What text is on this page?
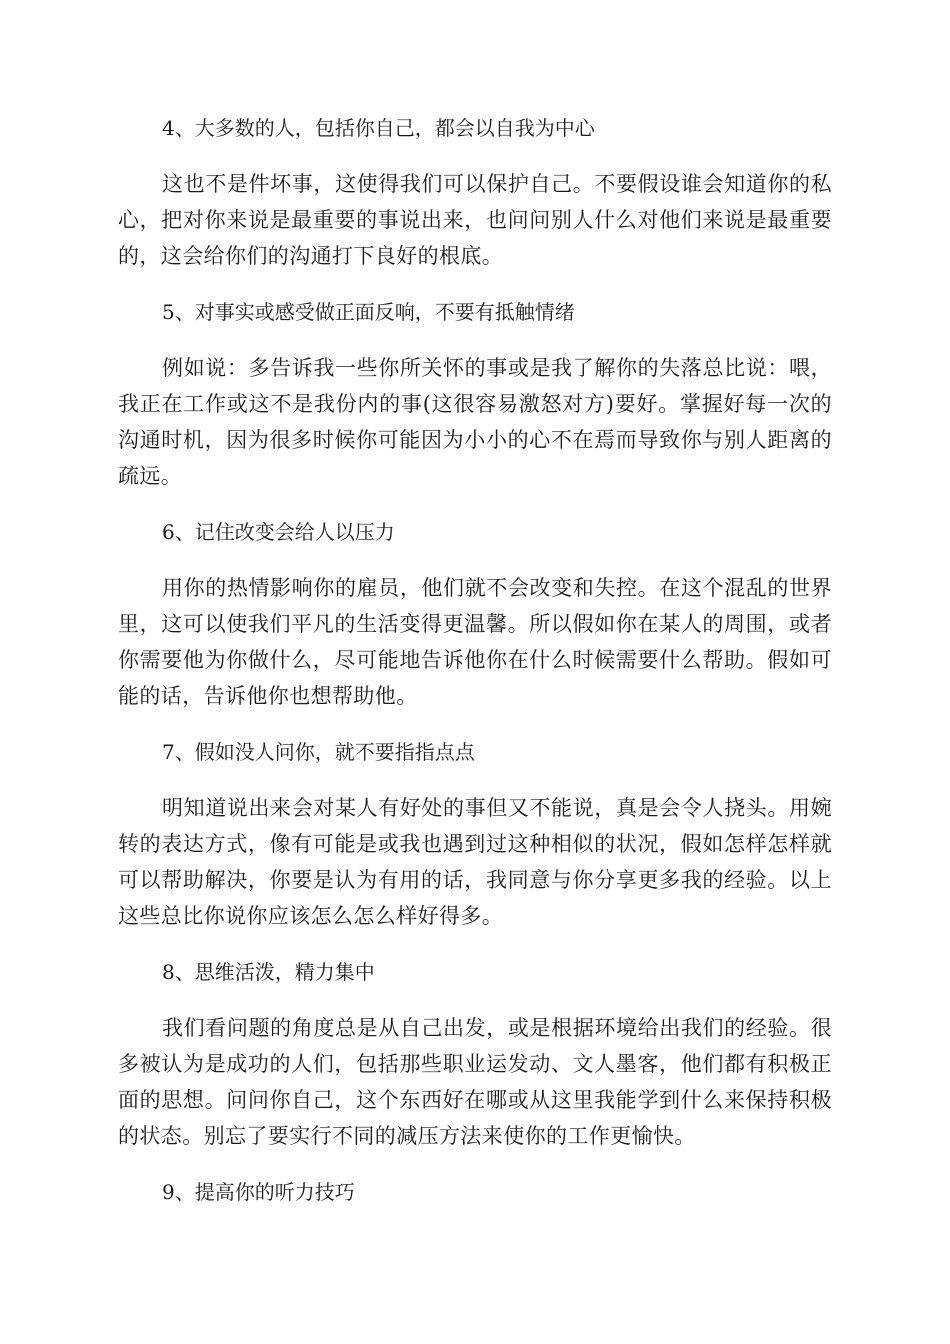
4、大多数的人，包括你自己，都会以自我为中心

这也不是件坏事，这使得我们可以保护自己。不要假设谁会知道你的私心，把对你来说是最重要的事说出来，也问问别人什么对他们来说是最重要的，这会给你们的沟通打下良好的根底。

5、对事实或感受做正面反响，不要有抵触情绪

例如说：多告诉我一些你所关怀的事或是我了解你的失落总比说：喂，我正在工作或这不是我份内的事(这很容易激怒对方)要好。掌握好每一次的沟通时机，因为很多时候你可能因为小小的心不在焉而导致你与别人距离的疏远。

6、记住改变会给人以压力

用你的热情影响你的雇员，他们就不会改变和失控。在这个混乱的世界里，这可以使我们平凡的生活变得更温馨。所以假如你在某人的周围，或者你需要他为你做什么，尽可能地告诉他你在什么时候需要什么帮助。假如可能的话，告诉他你也想帮助他。

7、假如没人问你，就不要指指点点

明知道说出来会对某人有好处的事但又不能说，真是会令人挠头。用婉转的表达方式，像有可能是或我也遇到过这种相似的状况，假如怎样怎样就可以帮助解决，你要是认为有用的话，我同意与你分享更多我的经验。以上这些总比你说你应该怎么怎么样好得多。

8、思维活泼，精力集中

我们看问题的角度总是从自己出发，或是根据环境给出我们的经验。很多被认为是成功的人们，包括那些职业运发动、文人墨客，他们都有积极正面的思想。问问你自己，这个东西好在哪或从这里我能学到什么来保持积极的状态。别忘了要实行不同的减压方法来使你的工作更愉快。

9、提高你的听力技巧
